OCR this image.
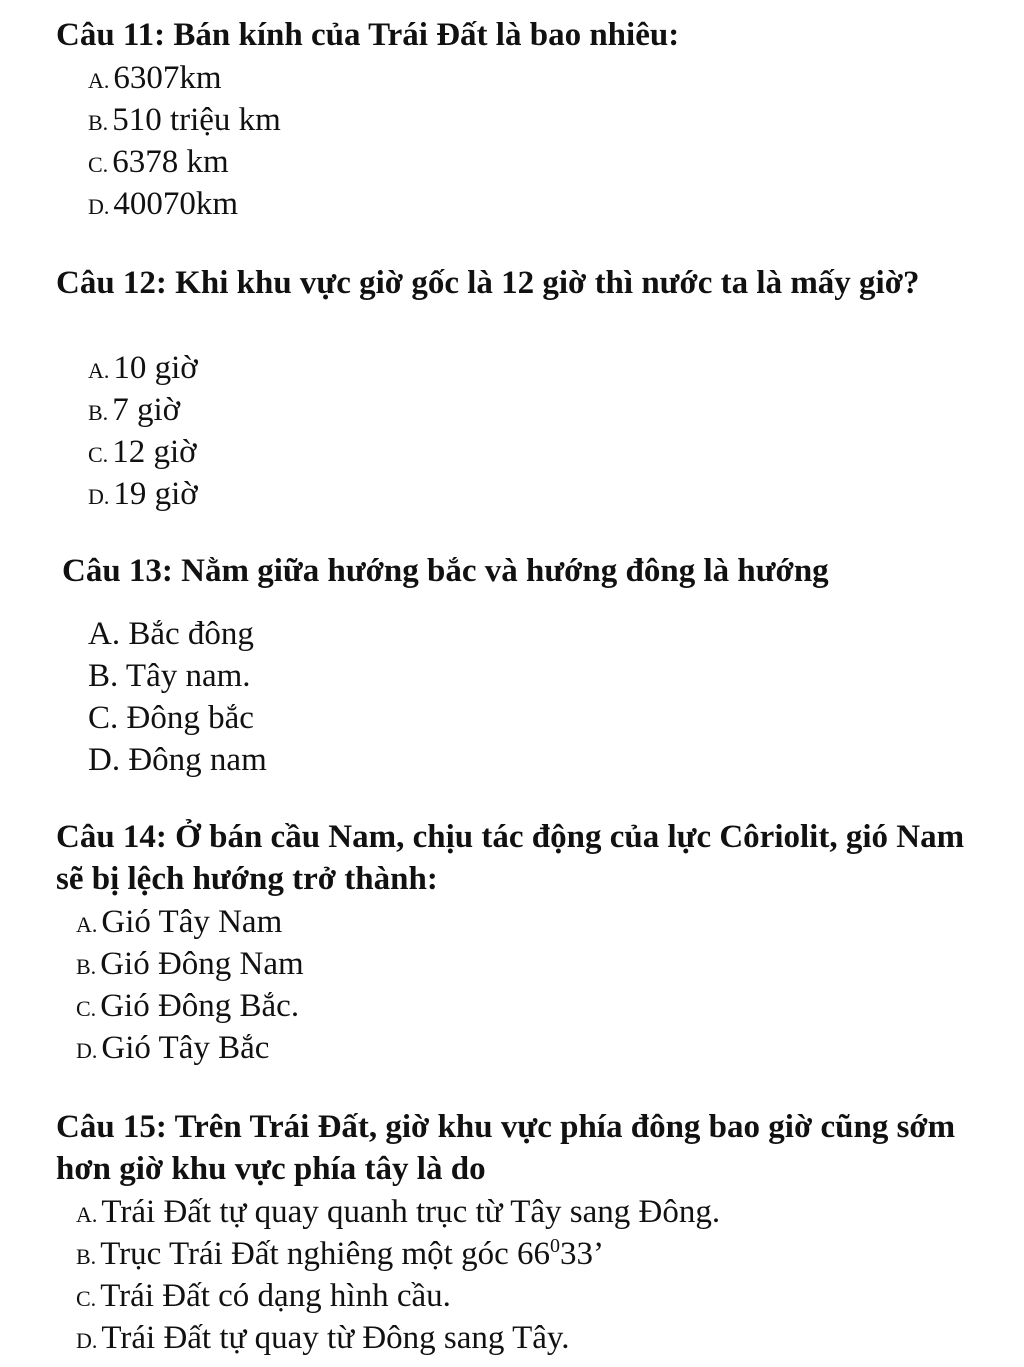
Câu 11: Bán kính của Trái Đất là bao nhiêu:
A. 6307km
B. 510 triệu km
C. 6378 km
D. 40070km
Câu 12: Khi khu vực giờ gốc là 12 giờ thì nước ta là mấy giờ?
A. 10 giờ
B. 7 giờ
C. 12 giờ
D. 19 giờ
Câu 13: Nằm giữa hướng bắc và hướng đông là hướng
A. Bắc đông
B. Tây nam.
C. Đông bắc
D. Đông nam
Câu 14: Ở bán cầu Nam, chịu tác động của lực Côriolit, gió Nam sẽ bị lệch hướng trở thành:
A. Gió Tây Nam
B. Gió Đông Nam
C. Gió Đông Bắc.
D. Gió Tây Bắc
Câu 15: Trên Trái Đất, giờ khu vực phía đông bao giờ cũng sớm hơn giờ khu vực phía tây là do
A. Trái Đất tự quay quanh trục từ Tây sang Đông.
B. Trục Trái Đất nghiêng một góc $66^033$’
C. Trái Đất có dạng hình cầu.
D. Trái Đất tự quay từ Đông sang Tây.
